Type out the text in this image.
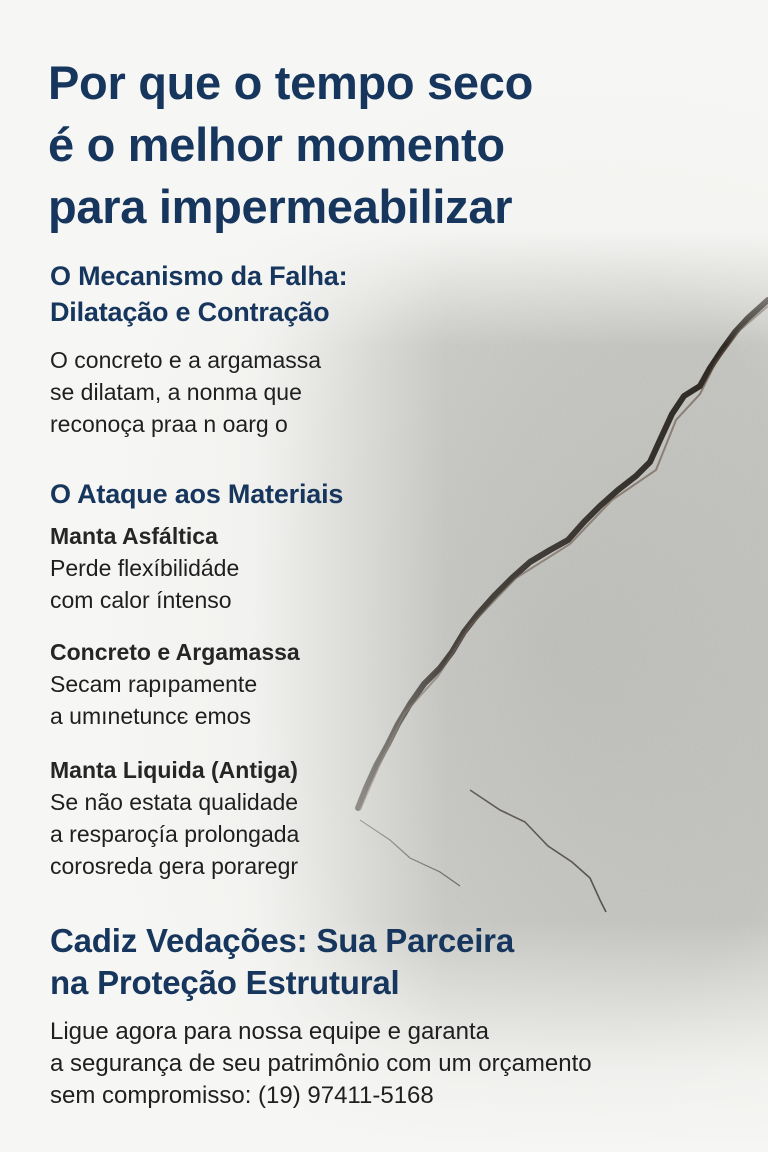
Por que o tempo seco
é o melhor momento
para impermeabilizar
O Mecanismo da Falha:
Dilatação e Contração
O concreto e a argamassa
se dilatam, a nonma que
reconoça praa n oarg o
O Ataque aos Materiais
Manta Asfáltica
Perde flexíbilidáde
com calor íntenso
Concreto e Argamassa
Secam rapıpamente
a umınetuncє emos
Manta Liquida (Antiga)
Se não estata qualidade
a resparoçía prolongada
corosreda gera poraregr
Cadiz Vedações: Sua Parceira
na Proteção Estrutural
Ligue agora para nossa equipe e garanta
a segurança de seu patrimônio com um orçamento
sem compromisso: (19) 97411-5168
